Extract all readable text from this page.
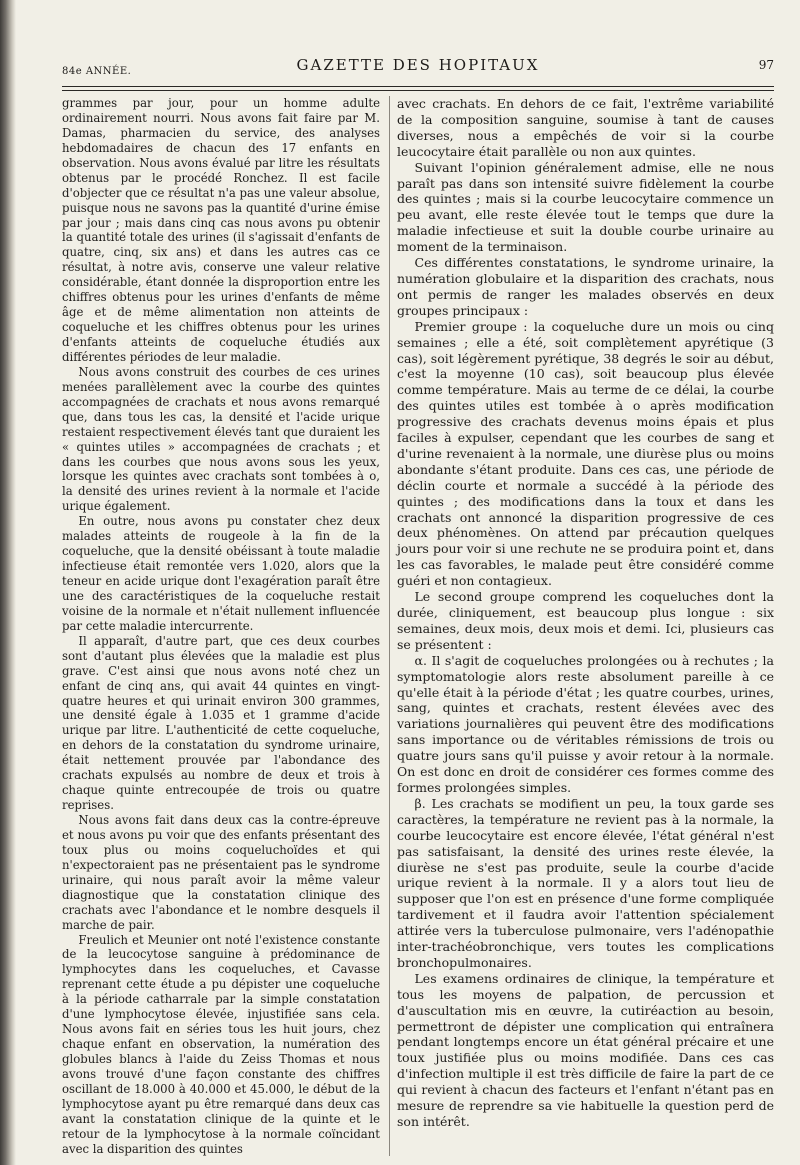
84e ANNÉE.	GAZETTE DES HOPITAUX	97

grammes par jour, pour un homme adulte ordinairement nourri. Nous avons fait faire par M. Damas, pharmacien du service, des analyses hebdomadaires de chacun des 17 enfants en observation. Nous avons évalué par litre les résultats obtenus par le procédé Ronchez. Il est facile d'objecter que ce résultat n'a pas une valeur absolue, puisque nous ne savons pas la quantité d'urine émise par jour ; mais dans cinq cas nous avons pu obtenir la quantité totale des urines (il s'agissait d'enfants de quatre, cinq, six ans) et dans les autres cas ce résultat, à notre avis, conserve une valeur relative considérable, étant donnée la disproportion entre les chiffres obtenus pour les urines d'enfants de même âge et de même alimentation non atteints de coqueluche et les chiffres obtenus pour les urines d'enfants atteints de coqueluche étudiés aux différentes périodes de leur maladie.

Nous avons construit des courbes de ces urines menées parallèlement avec la courbe des quintes accompagnées de crachats et nous avons remarqué que, dans tous les cas, la densité et l'acide urique restaient respectivement élevés tant que duraient les « quintes utiles » accompagnées de crachats ; et dans les courbes que nous avons sous les yeux, lorsque les quintes avec crachats sont tombées à o, la densité des urines revient à la normale et l'acide urique également.

En outre, nous avons pu constater chez deux malades atteints de rougeole à la fin de la coqueluche, que la densité obéissant à toute maladie infectieuse était remontée vers 1.020, alors que la teneur en acide urique dont l'exagération paraît être une des caractéristiques de la coqueluche restait voisine de la normale et n'était nullement influencée par cette maladie intercurrente.

Il apparaît, d'autre part, que ces deux courbes sont d'autant plus élevées que la maladie est plus grave. C'est ainsi que nous avons noté chez un enfant de cinq ans, qui avait 44 quintes en vingt-quatre heures et qui urinait environ 300 grammes, une densité égale à 1.035 et 1 gramme d'acide urique par litre. L'authenticité de cette coqueluche, en dehors de la constatation du syndrome urinaire, était nettement prouvée par l'abondance des crachats expulsés au nombre de deux et trois à chaque quinte entrecoupée de trois ou quatre reprises.

Nous avons fait dans deux cas la contre-épreuve et nous avons pu voir que des enfants présentant des toux plus ou moins coqueluchoïdes et qui n'expectoraient pas ne présentaient pas le syndrome urinaire, qui nous paraît avoir la même valeur diagnostique que la constatation clinique des crachats avec l'abondance et le nombre desquels il marche de pair.

Freulich et Meunier ont noté l'existence constante de la leucocytose sanguine à prédominance de lymphocytes dans les coqueluches, et Cavasse reprenant cette étude a pu dépister une coqueluche à la période catharrale par la simple constatation d'une lymphocytose élevée, injustifiée sans cela. Nous avons fait en séries tous les huit jours, chez chaque enfant en observation, la numération des globules blancs à l'aide du Zeiss Thomas et nous avons trouvé d'une façon constante des chiffres oscillant de 18.000 à 40.000 et 45.000, le début de la lymphocytose ayant pu être remarqué dans deux cas avant la constatation clinique de la quinte et le retour de la lymphocytose à la normale coïncidant avec la disparition des quintes

avec crachats. En dehors de ce fait, l'extrême variabilité de la composition sanguine, soumise à tant de causes diverses, nous a empêchés de voir si la courbe leucocytaire était parallèle ou non aux quintes.

Suivant l'opinion généralement admise, elle ne nous paraît pas dans son intensité suivre fidèlement la courbe des quintes ; mais si la courbe leucocytaire commence un peu avant, elle reste élevée tout le temps que dure la maladie infectieuse et suit la double courbe urinaire au moment de la terminaison.

Ces différentes constatations, le syndrome urinaire, la numération globulaire et la disparition des crachats, nous ont permis de ranger les malades observés en deux groupes principaux :

Premier groupe : la coqueluche dure un mois ou cinq semaines ; elle a été, soit complètement apyrétique (3 cas), soit légèrement pyrétique, 38 degrés le soir au début, c'est la moyenne (10 cas), soit beaucoup plus élevée comme température. Mais au terme de ce délai, la courbe des quintes utiles est tombée à o après modification progressive des crachats devenus moins épais et plus faciles à expulser, cependant que les courbes de sang et d'urine revenaient à la normale, une diurèse plus ou moins abondante s'étant produite. Dans ces cas, une période de déclin courte et normale a succédé à la période des quintes ; des modifications dans la toux et dans les crachats ont annoncé la disparition progressive de ces deux phénomènes. On attend par précaution quelques jours pour voir si une rechute ne se produira point et, dans les cas favorables, le malade peut être considéré comme guéri et non contagieux.

Le second groupe comprend les coqueluches dont la durée, cliniquement, est beaucoup plus longue : six semaines, deux mois, deux mois et demi. Ici, plusieurs cas se présentent :

α. Il s'agit de coqueluches prolongées ou à rechutes ; la symptomatologie alors reste absolument pareille à ce qu'elle était à la période d'état ; les quatre courbes, urines, sang, quintes et crachats, restent élevées avec des variations journalières qui peuvent être des modifications sans importance ou de véritables rémissions de trois ou quatre jours sans qu'il puisse y avoir retour à la normale. On est donc en droit de considérer ces formes comme des formes prolongées simples.

β. Les crachats se modifient un peu, la toux garde ses caractères, la température ne revient pas à la normale, la courbe leucocytaire est encore élevée, l'état général n'est pas satisfaisant, la densité des urines reste élevée, la diurèse ne s'est pas produite, seule la courbe d'acide urique revient à la normale. Il y a alors tout lieu de supposer que l'on est en présence d'une forme compliquée tardivement et il faudra avoir l'attention spécialement attirée vers la tuberculose pulmonaire, vers l'adénopathie inter-trachéobronchique, vers toutes les complications bronchopulmonaires.

Les examens ordinaires de clinique, la température et tous les moyens de palpation, de percussion et d'auscultation mis en œuvre, la cutiréaction au besoin, permettront de dépister une complication qui entraînera pendant longtemps encore un état général précaire et une toux justifiée plus ou moins modifiée. Dans ces cas d'infection multiple il est très difficile de faire la part de ce qui revient à chacun des facteurs et l'enfant n'étant pas en mesure de reprendre sa vie habituelle la question perd de son intérêt.
